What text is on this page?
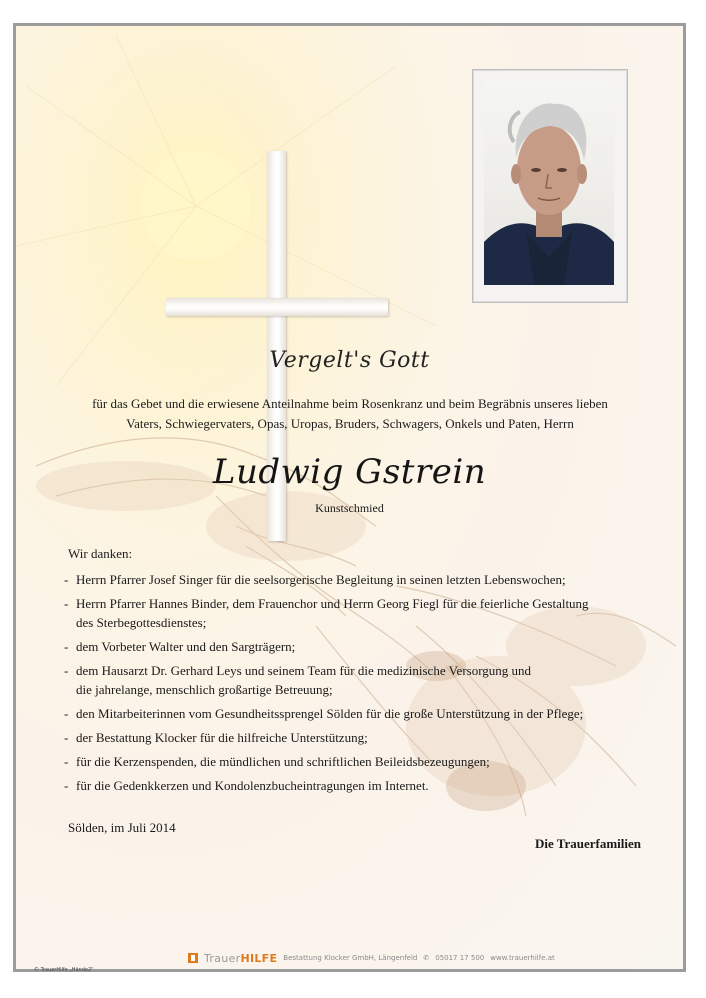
Vergelt's Gott
für das Gebet und die erwiesene Anteilnahme beim Rosenkranz und beim Begräbnis unseres lieben
Vaters, Schwiegervaters, Opas, Uropas, Bruders, Schwagers, Onkels und Paten, Herrn
Ludwig Gstrein
Kunstschmied
Wir danken:
- Herrn Pfarrer Josef Singer für die seelsorgerische Begleitung in seinen letzten Lebenswochen;
- Herrn Pfarrer Hannes Binder, dem Frauenchor und Herrn Georg Fiegl für die feierliche Gestaltung
des Sterbegottesdienstes;
- dem Vorbeter Walter und den Sargträgern;
- dem Hausarzt Dr. Gerhard Leys und seinem Team für die medizinische Versorgung und
die jahrelange, menschlich großartige Betreuung;
- den Mitarbeiterinnen vom Gesundheitssprengel Sölden für die große Unterstützung in der Pflege;
- der Bestattung Klocker für die hilfreiche Unterstützung;
- für die Kerzenspenden, die mündlichen und schriftlichen Beileidsbezeugungen;
- für die Gedenkkerzen und Kondolenzbucheintragungen im Internet.
Sölden, im Juli 2014
Die Trauerfamilien
TrauerHILFE Bestattung Klocker GmbH, Längenfeld ✆ 05017 17 500 www.trauerhilfe.at
© TrauerHilfe „Hände2"
